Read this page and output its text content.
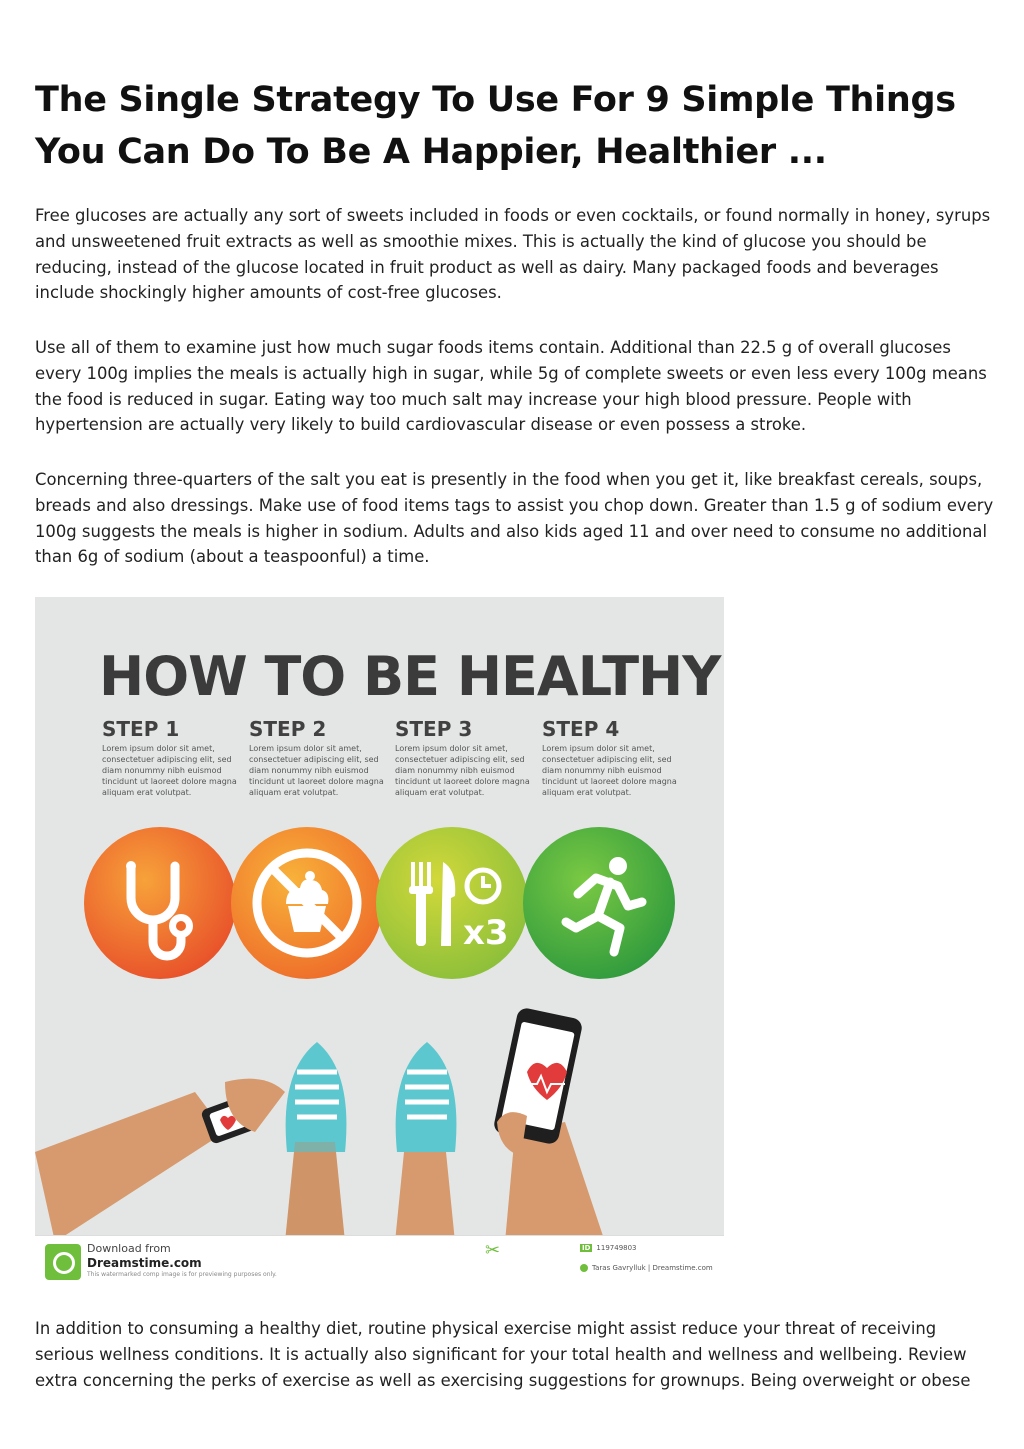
The Single Strategy To Use For 9 Simple Things You Can Do To Be A Happier, Healthier ...

Free glucoses are actually any sort of sweets included in foods or even cocktails, or found normally in honey, syrups and unsweetened fruit extracts as well as smoothie mixes. This is actually the kind of glucose you should be reducing, instead of the glucose located in fruit product as well as dairy. Many packaged foods and beverages include shockingly higher amounts of cost-free glucoses.

Use all of them to examine just how much sugar foods items contain. Additional than 22.5 g of overall glucoses every 100g implies the meals is actually high in sugar, while 5g of complete sweets or even less every 100g means the food is reduced in sugar. Eating way too much salt may increase your high blood pressure. People with hypertension are actually very likely to build cardiovascular disease or even possess a stroke.

Concerning three-quarters of the salt you eat is presently in the food when you get it, like breakfast cereals, soups, breads and also dressings. Make use of food items tags to assist you chop down. Greater than 1.5 g of sodium every 100g suggests the meals is higher in sodium. Adults and also kids aged 11 and over need to consume no additional than 6g of sodium (about a teaspoonful) a time.

HOW TO BE HEALTHY
STEP 1
Lorem ipsum dolor sit amet, consectetuer adipiscing elit, sed diam nonummy nibh euismod tincidunt ut laoreet dolore magna aliquam erat volutpat.
STEP 2
Lorem ipsum dolor sit amet, consectetuer adipiscing elit, sed diam nonummy nibh euismod tincidunt ut laoreet dolore magna aliquam erat volutpat.
STEP 3
Lorem ipsum dolor sit amet, consectetuer adipiscing elit, sed diam nonummy nibh euismod tincidunt ut laoreet dolore magna aliquam erat volutpat.
STEP 4
Lorem ipsum dolor sit amet, consectetuer adipiscing elit, sed diam nonummy nibh euismod tincidunt ut laoreet dolore magna aliquam erat volutpat.
x3
Download from
Dreamstime.com
This watermarked comp image is for previewing purposes only.
✂	ID 119749803
Taras Gavrylluk | Dreamstime.com

In addition to consuming a healthy diet, routine physical exercise might assist reduce your threat of receiving serious wellness conditions. It is actually also significant for your total health and wellness and wellbeing. Review extra concerning the perks of exercise as well as exercising suggestions for grownups. Being overweight or obese
